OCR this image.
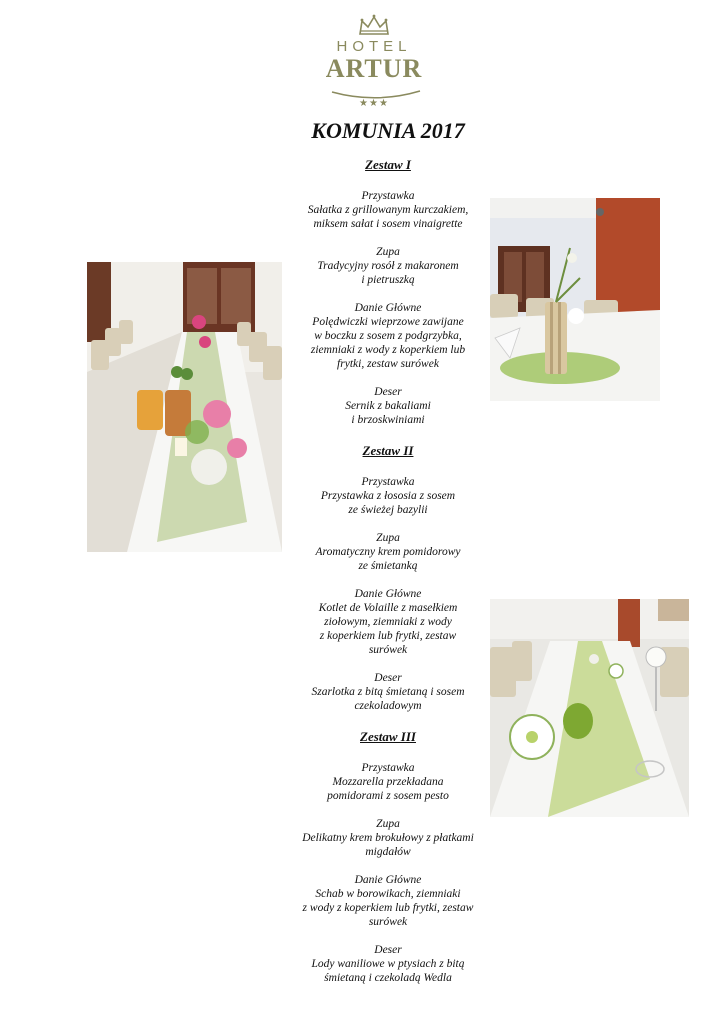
HOTEL
ARTUR
★★★
KOMUNIA 2017
Zestaw I

Przystawka

Sałatka z grillowanym kurczakiem,

miksem sałat i sosem vinaigrette

Zupa

Tradycyjny rosół z makaronem

i pietruszką

Danie Główne

Polędwiczki wieprzowe zawijane

w boczku z sosem z podgrzybka,

ziemniaki z wody z koperkiem lub

frytki, zestaw surówek

Deser

Sernik z bakaliami

i brzoskwiniami

Zestaw II

Przystawka

Przystawka z łososia z sosem

ze świeżej bazylii

Zupa

Aromatyczny krem pomidorowy

ze śmietanką

Danie Główne

Kotlet de Volaille z masełkiem

ziołowym, ziemniaki z wody

z koperkiem lub frytki, zestaw

surówek

Deser

Szarlotka z bitą śmietaną i sosem

czekoladowym

Zestaw III

Przystawka

Mozzarella przekładana

pomidorami z sosem pesto

Zupa

Delikatny krem brokułowy z płatkami

migdałów

Danie Główne

Schab w borowikach, ziemniaki

z wody z koperkiem lub frytki, zestaw

surówek

Deser

Lody waniliowe w ptysiach z bitą

śmietaną i czekoladą Wedla
